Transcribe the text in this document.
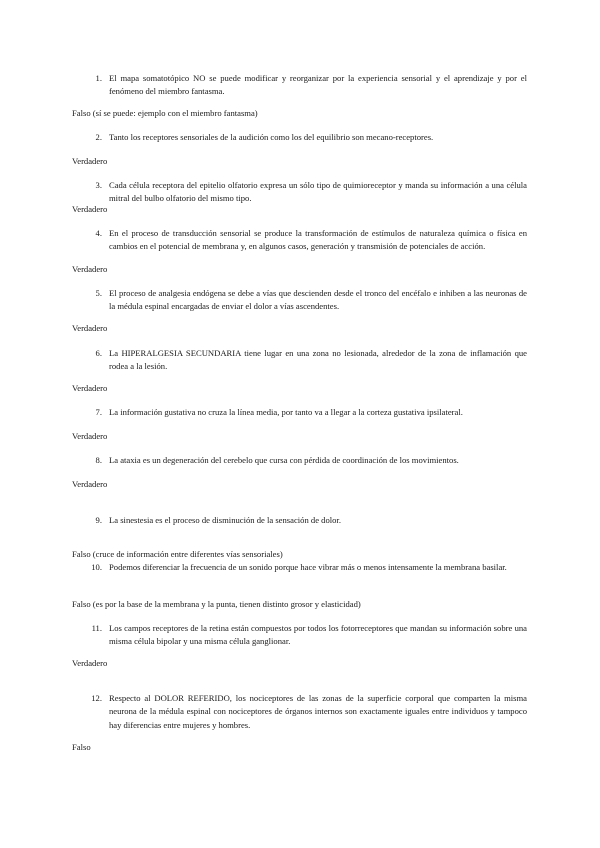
1. El mapa somatotópico NO se puede modificar y reorganizar por la experiencia sensorial y el aprendizaje y por el fenómeno del miembro fantasma.
Falso (sí se puede: ejemplo con el miembro fantasma)
2. Tanto los receptores sensoriales de la audición como los del equilibrio son mecano-receptores.
Verdadero
3. Cada célula receptora del epitelio olfatorio expresa un sólo tipo de quimioreceptor y manda su información a una célula mitral del bulbo olfatorio del mismo tipo.
Verdadero
4. En el proceso de transducción sensorial se produce la transformación de estímulos de naturaleza química o física en cambios en el potencial de membrana y, en algunos casos, generación y transmisión de potenciales de acción.
Verdadero
5. El proceso de analgesia endógena se debe a vías que descienden desde el tronco del encéfalo e inhiben a las neuronas de la médula espinal encargadas de enviar el dolor a vías ascendentes.
Verdadero
6. La HIPERALGESIA SECUNDARIA tiene lugar en una zona no lesionada, alrededor de la zona de inflamación que rodea a la lesión.
Verdadero
7. La información gustativa no cruza la línea media, por tanto va a llegar a la corteza gustativa ipsilateral.
Verdadero
8. La ataxia es un degeneración del cerebelo que cursa con pérdida de coordinación de los movimientos.
Verdadero
9. La sinestesia es el proceso de disminución de la sensación de dolor.
Falso (cruce de información entre diferentes vías sensoriales)
10. Podemos diferenciar la frecuencia de un sonido porque hace vibrar más o menos intensamente la membrana basilar.
Falso (es por la base de la membrana y la punta, tienen distinto grosor y elasticidad)
11. Los campos receptores de la retina están compuestos por todos los fotorreceptores que mandan su información sobre una misma célula bipolar y una misma célula ganglionar.
Verdadero
12. Respecto al DOLOR REFERIDO, los nociceptores de las zonas de la superficie corporal que comparten la misma neurona de la médula espinal con nociceptores de órganos internos son exactamente iguales entre individuos y tampoco hay diferencias entre mujeres y hombres.
Falso
